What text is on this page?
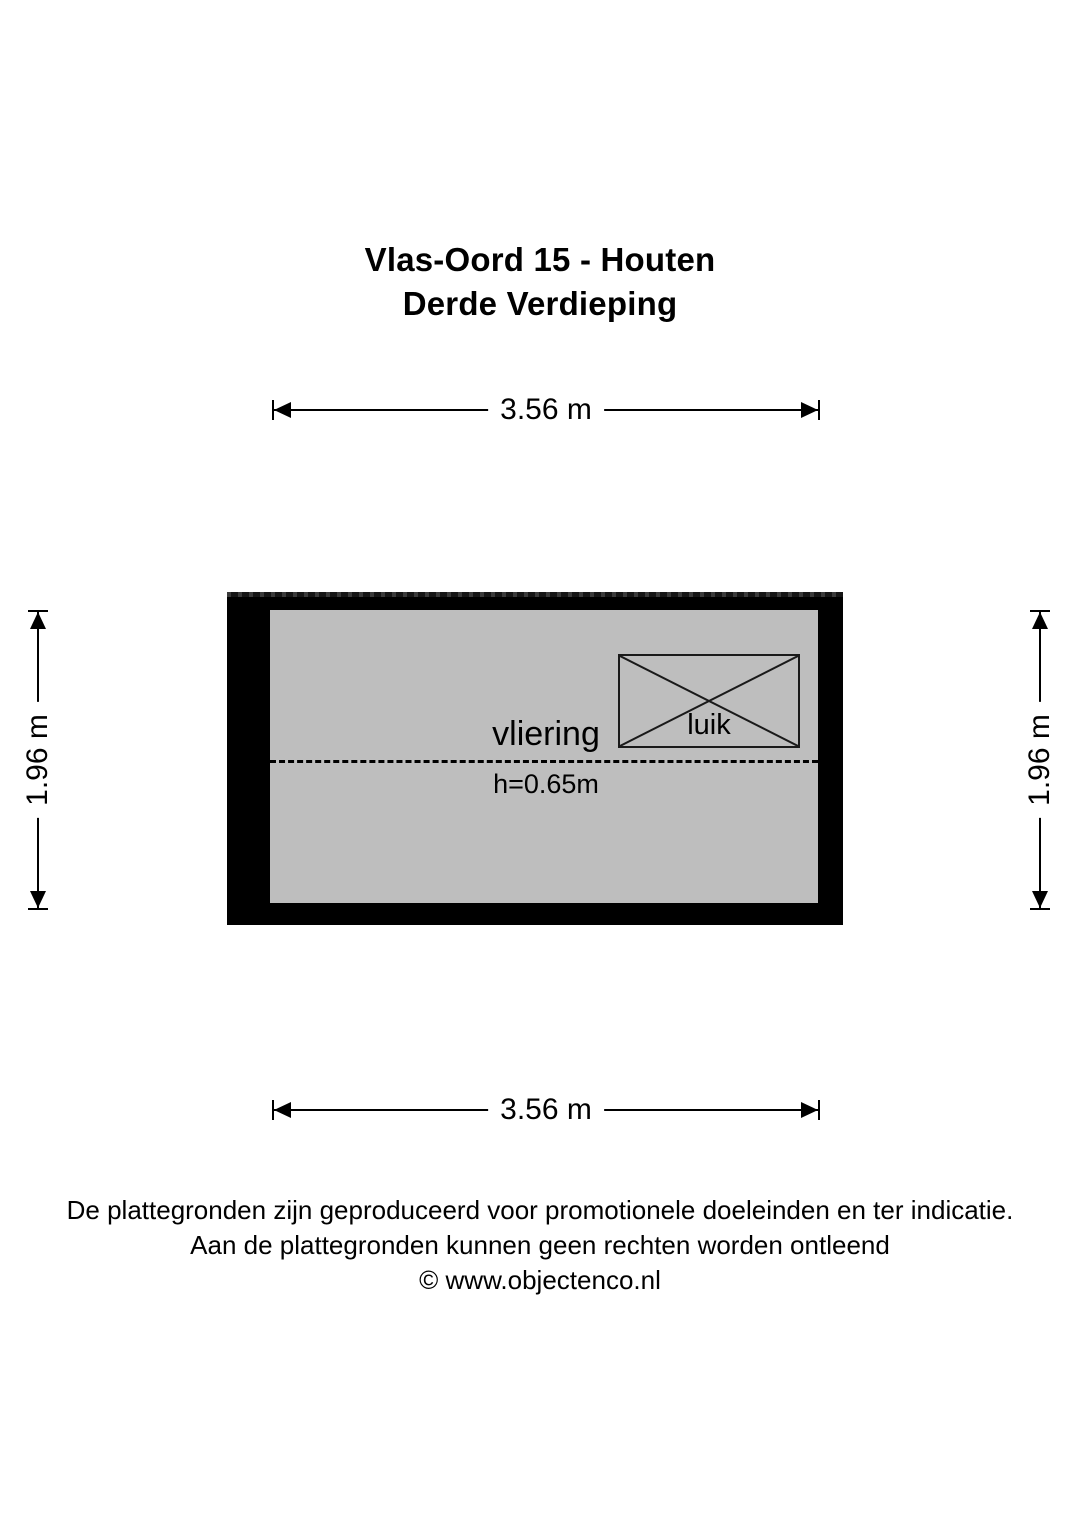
Vlas-Oord 15 - Houten
Derde Verdieping
3.56 m
1.96 m	1.96 m
luik
vliering
h=0.65m
3.56 m
De plattegronden zijn geproduceerd voor promotionele doeleinden en ter indicatie.
Aan de plattegronden kunnen geen rechten worden ontleend
© www.objectenco.nl
